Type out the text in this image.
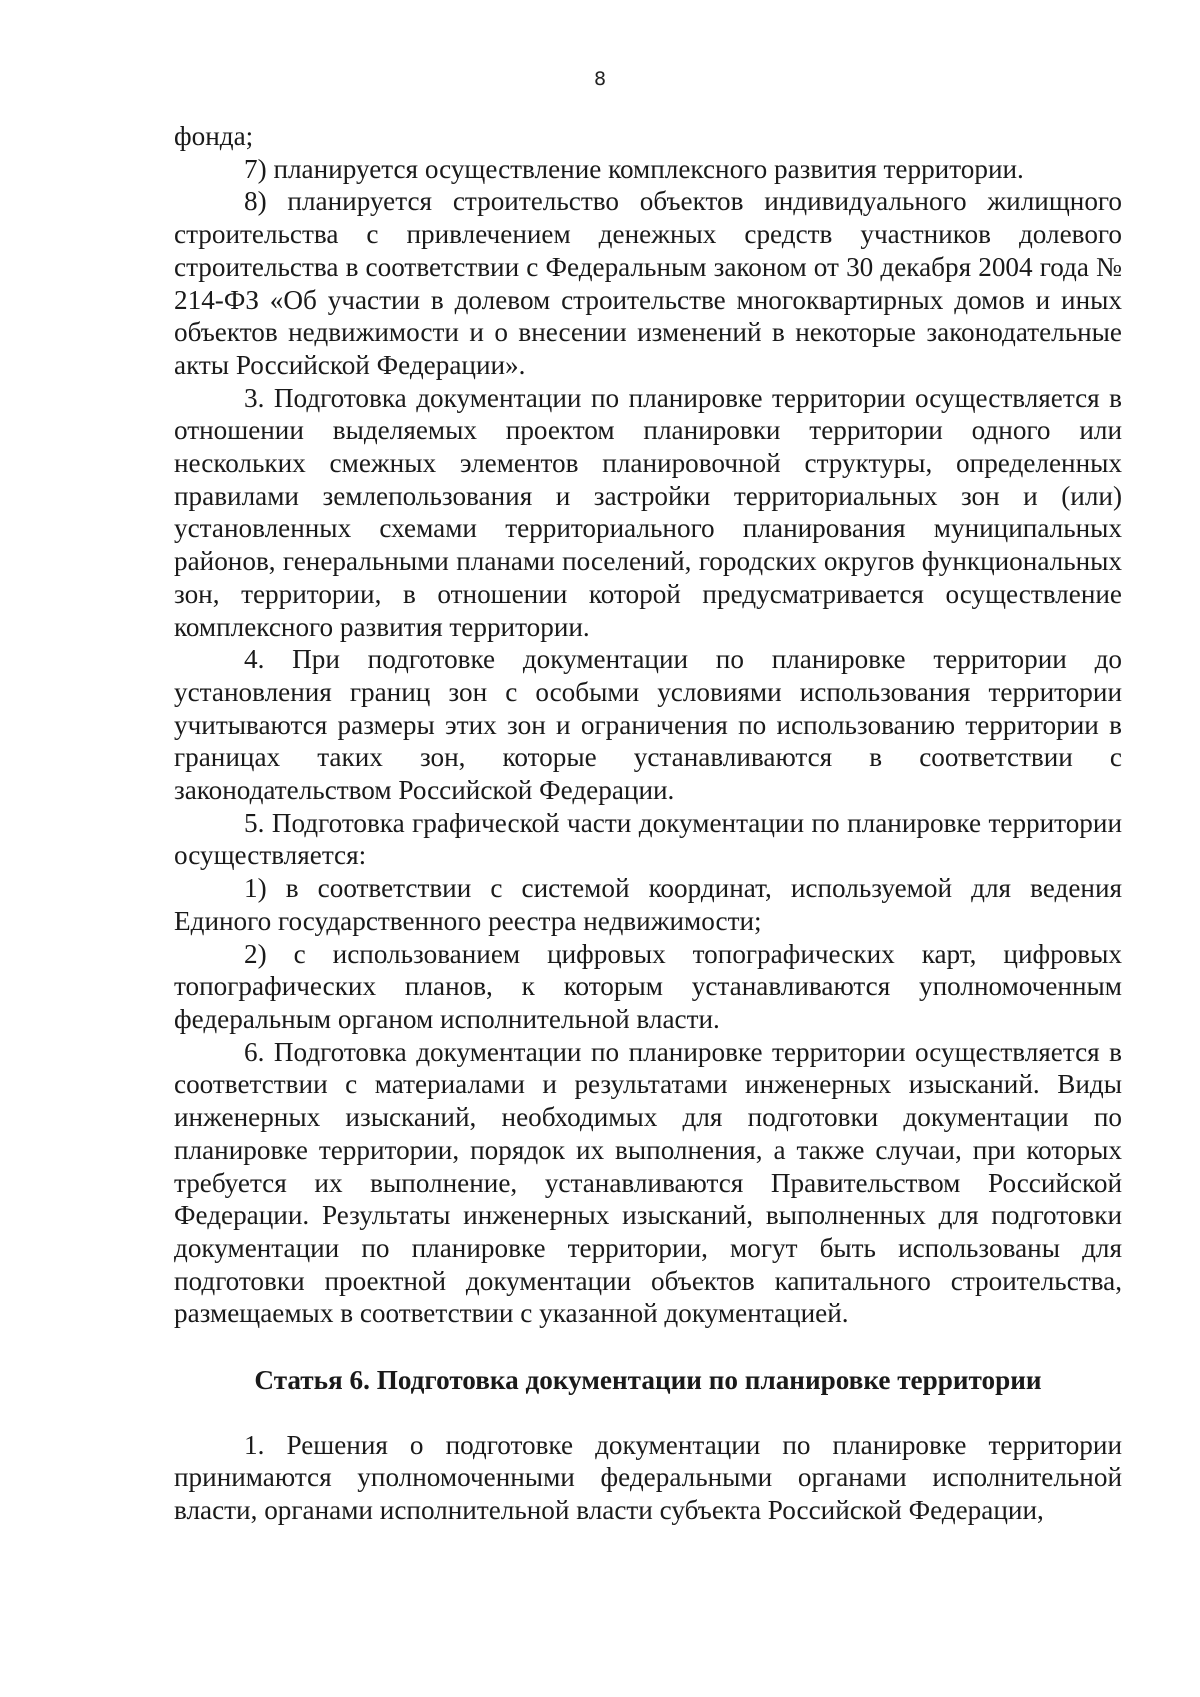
8

фонда;

7) планируется осуществление комплексного развития территории.

8) планируется строительство объектов индивидуального жилищного строительства с привлечением денежных средств участников долевого строительства в соответствии с Федеральным законом от 30 декабря 2004 года № 214-ФЗ «Об участии в долевом строительстве многоквартирных домов и иных объектов недвижимости и о внесении изменений в некоторые законодательные акты Российской Федерации».

3. Подготовка документации по планировке территории осуществляется в отношении выделяемых проектом планировки территории одного или нескольких смежных элементов планировочной структуры, определенных правилами землепользования и застройки территориальных зон и (или) установленных схемами территориального планирования муниципальных районов, генеральными планами поселений, городских округов функциональных зон, территории, в отношении которой предусматривается осуществление комплексного развития территории.

4. При подготовке документации по планировке территории до установления границ зон с особыми условиями использования территории учитываются размеры этих зон и ограничения по использованию территории в границах таких зон, которые устанавливаются в соответствии с законодательством Российской Федерации.

5. Подготовка графической части документации по планировке территории осуществляется:

1) в соответствии с системой координат, используемой для ведения Единого государственного реестра недвижимости;

2) с использованием цифровых топографических карт, цифровых топографических планов, к которым устанавливаются уполномоченным федеральным органом исполнительной власти.

6. Подготовка документации по планировке территории осуществляется в соответствии с материалами и результатами инженерных изысканий. Виды инженерных изысканий, необходимых для подготовки документации по планировке территории, порядок их выполнения, а также случаи, при которых требуется их выполнение, устанавливаются Правительством Российской Федерации. Результаты инженерных изысканий, выполненных для подготовки документации по планировке территории, могут быть использованы для подготовки проектной документации объектов капитального строительства, размещаемых в соответствии с указанной документацией.

Статья 6. Подготовка документации по планировке территории

1. Решения о подготовке документации по планировке территории принимаются уполномоченными федеральными органами исполнительной власти, органами исполнительной власти субъекта Российской Федерации,
